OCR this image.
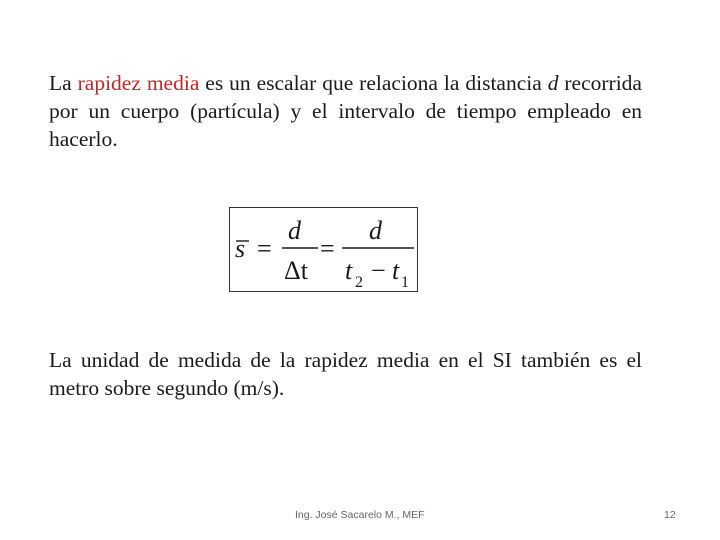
La rapidez media es un escalar que relaciona la distancia d recorrida por un cuerpo (partícula) y el intervalo de tiempo empleado en hacerlo.

s =
d
Δt
=
d
t 2 − t 1

La unidad de medida de la rapidez media en el SI también es el metro sobre segundo (m/s).

Ing. José Sacarelo M., MEF	12
